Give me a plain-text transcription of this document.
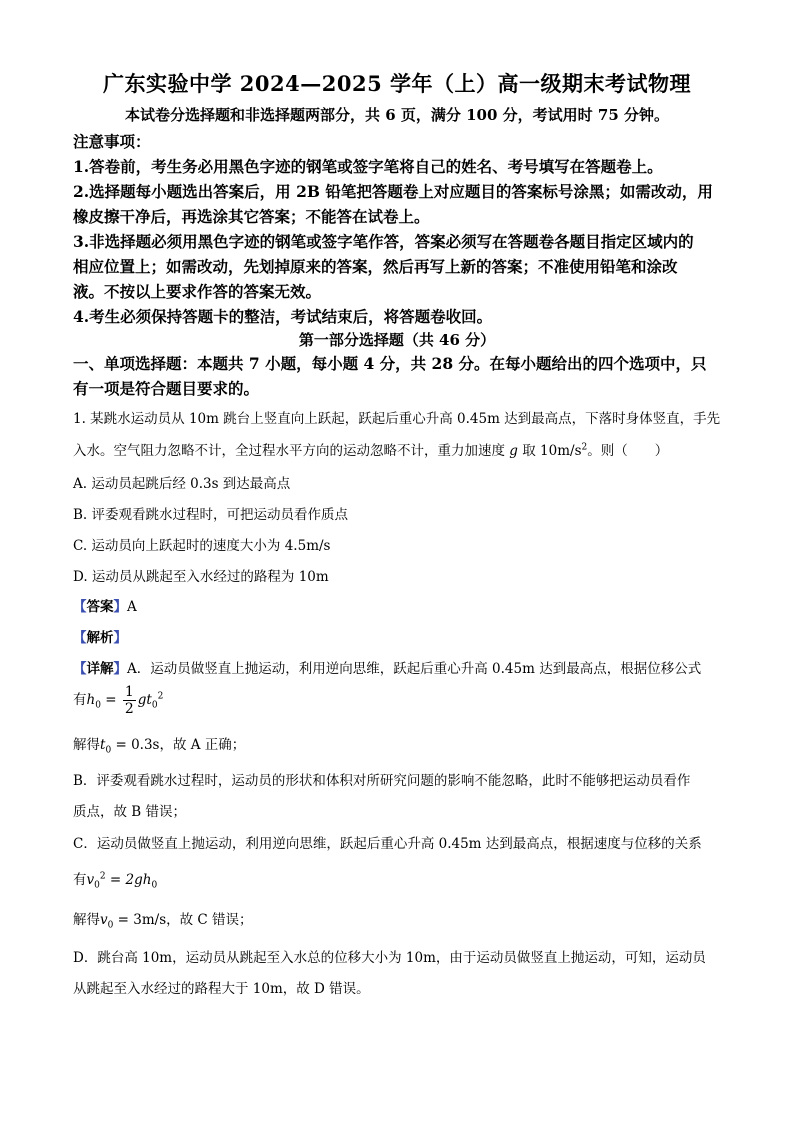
广东实验中学 2024—2025 学年（上）高一级期末考试物理
本试卷分选择题和非选择题两部分，共 6 页，满分 100 分，考试用时 75 分钟。
注意事项：
1.答卷前，考生务必用黑色字迹的钢笔或签字笔将自己的姓名、考号填写在答题卷上。
2.选择题每小题选出答案后，用 2B 铅笔把答题卷上对应题目的答案标号涂黑；如需改动，用
橡皮擦干净后，再选涂其它答案；不能答在试卷上。
3.非选择题必须用黑色字迹的钢笔或签字笔作答，答案必须写在答题卷各题目指定区域内的
相应位置上；如需改动，先划掉原来的答案，然后再写上新的答案；不准使用铅笔和涂改
液。不按以上要求作答的答案无效。
4.考生必须保持答题卡的整洁，考试结束后，将答题卷收回。
第一部分选择题（共 46 分）
一、单项选择题：本题共 7 小题，每小题 4 分，共 28 分。在每小题给出的四个选项中，只
有一项是符合题目要求的。
1. 某跳水运动员从 10m 跳台上竖直向上跃起，跃起后重心升高 0.45m 达到最高点，下落时身体竖直，手先
入水。空气阻力忽略不计，全过程水平方向的运动忽略不计，重力加速度 g 取 $10m/s^2$。则（　　）
A. 运动员起跳后经 0.3s 到达最高点
B. 评委观看跳水过程时，可把运动员看作质点
C. 运动员向上跃起时的速度大小为 4.5m/s
D. 运动员从跳起至入水经过的路程为 10m
【答案】A
【解析】
【详解】A．运动员做竖直上抛运动，利用逆向思维，跃起后重心升高 0.45m 达到最高点，根据位移公式
有$h_0 = \frac{1}{2} gt_0^2$
解得$t_0 = 0.3s$，故 A 正确；
B．评委观看跳水过程时，运动员的形状和体积对所研究问题的影响不能忽略，此时不能够把运动员看作
质点，故 B 错误；
C．运动员做竖直上抛运动，利用逆向思维，跃起后重心升高 0.45m 达到最高点，根据速度与位移的关系
有$v_0^2 = 2gh_0$
解得$v_0 = 3m/s$，故 C 错误；
D．跳台高 10m，运动员从跳起至入水总的位移大小为 10m，由于运动员做竖直上抛运动，可知，运动员
从跳起至入水经过的路程大于 10m，故 D 错误。
